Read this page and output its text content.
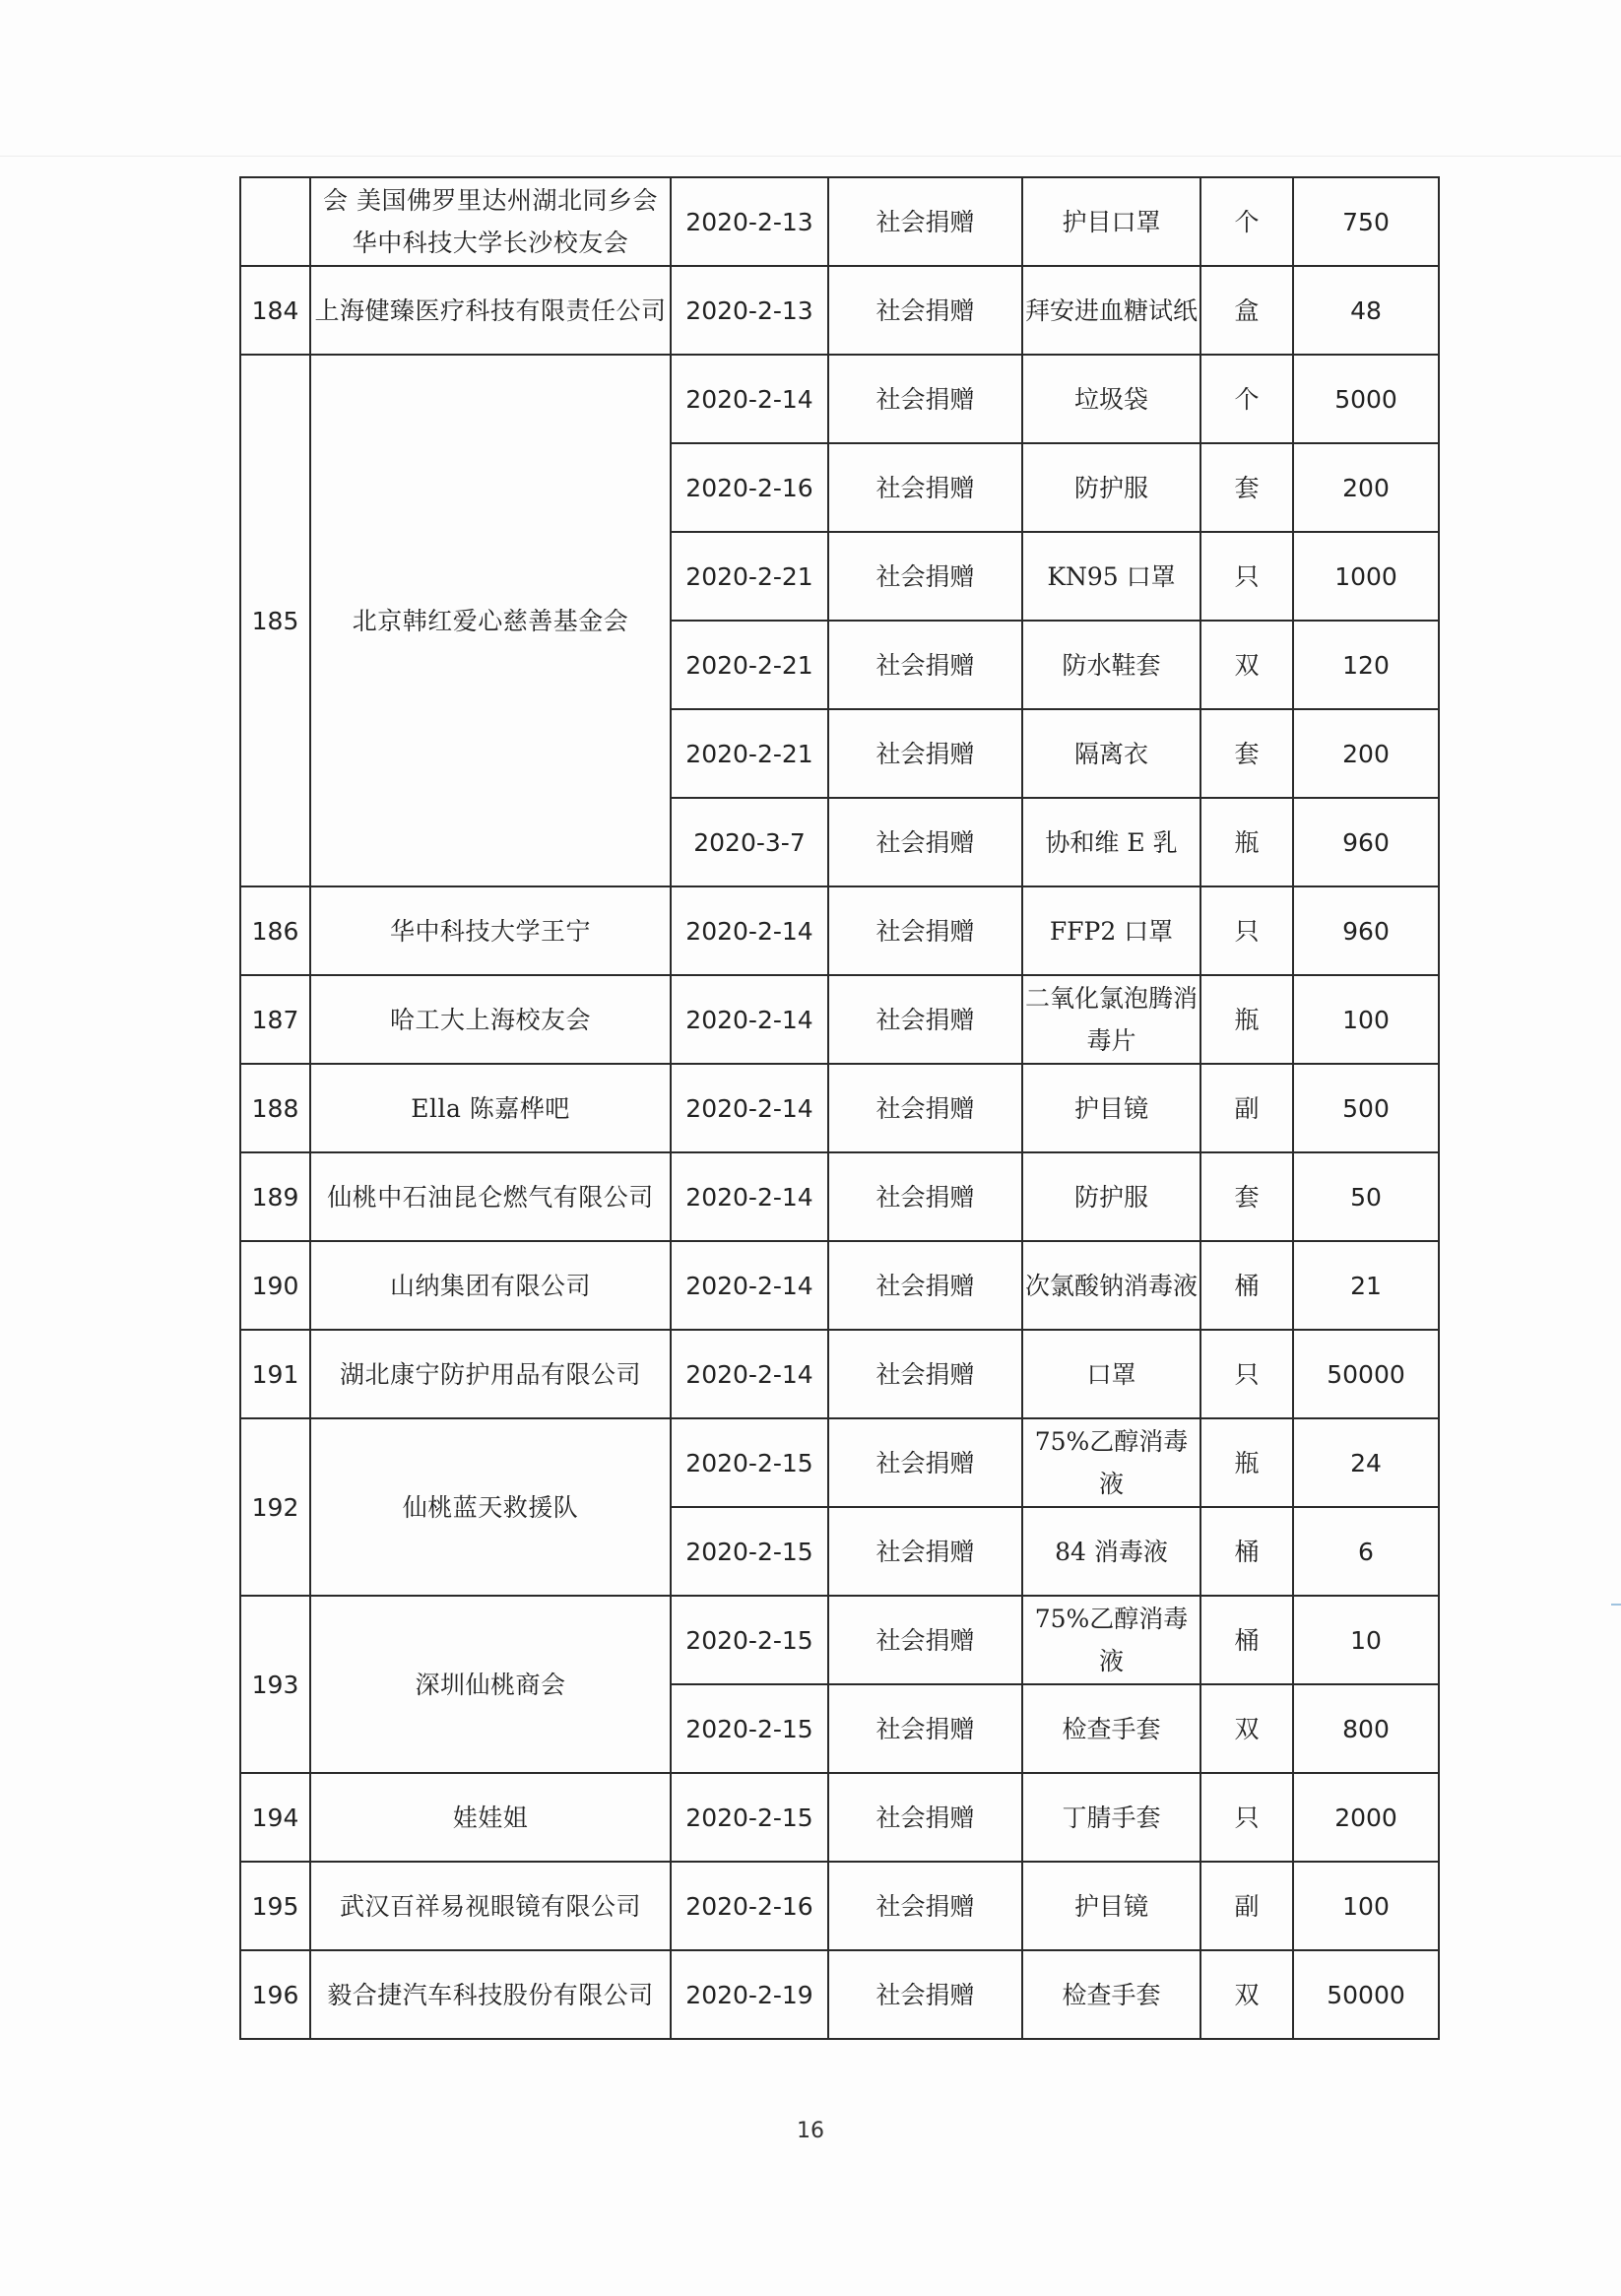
	会 美国佛罗里达州湖北同乡会 华中科技大学长沙校友会	2020-2-13	社会捐赠	护目口罩	个	750
184	上海健臻医疗科技有限责任公司	2020-2-13	社会捐赠	拜安进血糖试纸	盒	48
185	北京韩红爱心慈善基金会	2020-2-14	社会捐赠	垃圾袋	个	5000
		2020-2-16	社会捐赠	防护服	套	200
		2020-2-21	社会捐赠	KN95 口罩	只	1000
		2020-2-21	社会捐赠	防水鞋套	双	120
		2020-2-21	社会捐赠	隔离衣	套	200
		2020-3-7	社会捐赠	协和维 E 乳	瓶	960
186	华中科技大学王宁	2020-2-14	社会捐赠	FFP2 口罩	只	960
187	哈工大上海校友会	2020-2-14	社会捐赠	二氧化氯泡腾消毒片	瓶	100
188	Ella 陈嘉桦吧	2020-2-14	社会捐赠	护目镜	副	500
189	仙桃中石油昆仑燃气有限公司	2020-2-14	社会捐赠	防护服	套	50
190	山纳集团有限公司	2020-2-14	社会捐赠	次氯酸钠消毒液	桶	21
191	湖北康宁防护用品有限公司	2020-2-14	社会捐赠	口罩	只	50000
192	仙桃蓝天救援队	2020-2-15	社会捐赠	75%乙醇消毒液	瓶	24
		2020-2-15	社会捐赠	84 消毒液	桶	6
193	深圳仙桃商会	2020-2-15	社会捐赠	75%乙醇消毒液	桶	10
		2020-2-15	社会捐赠	检查手套	双	800
194	娃娃姐	2020-2-15	社会捐赠	丁腈手套	只	2000
195	武汉百祥易视眼镜有限公司	2020-2-16	社会捐赠	护目镜	副	100
196	毅合捷汽车科技股份有限公司	2020-2-19	社会捐赠	检查手套	双	50000
16
